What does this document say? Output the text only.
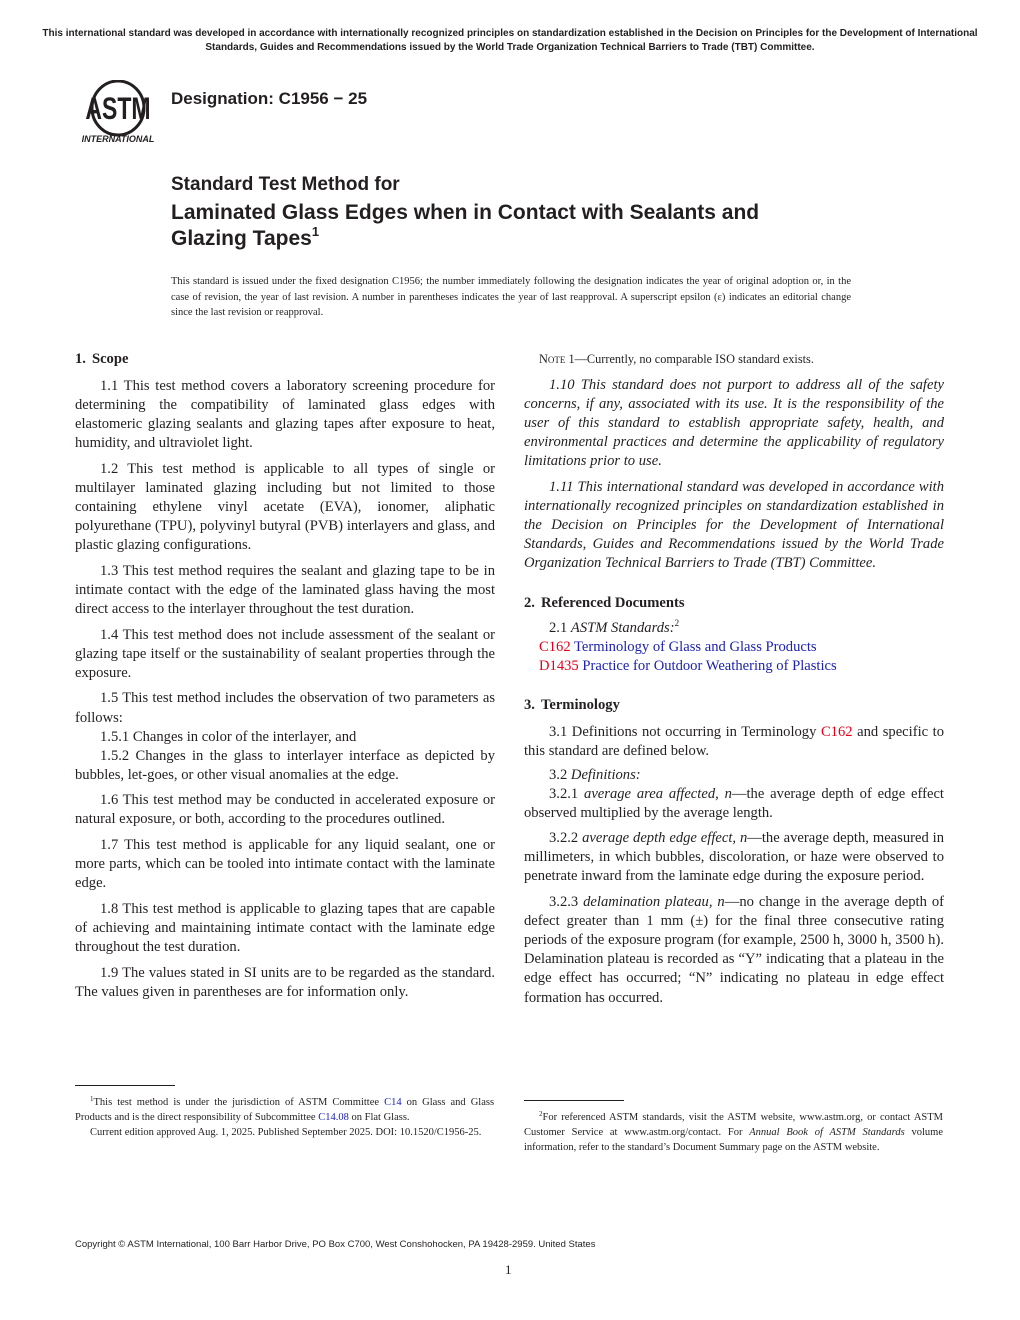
This international standard was developed in accordance with internationally recognized principles on standardization established in the Decision on Principles for the Development of International Standards, Guides and Recommendations issued by the World Trade Organization Technical Barriers to Trade (TBT) Committee.
ASTM
INTERNATIONAL
Designation: C1956 − 25
Standard Test Method for
Laminated Glass Edges when in Contact with Sealants and
Glazing Tapes$^1$
This standard is issued under the fixed designation C1956; the number immediately following the designation indicates the year of original adoption or, in the case of revision, the year of last revision. A number in parentheses indicates the year of last reapproval. A superscript epsilon (ε) indicates an editorial change since the last revision or reapproval.
1. Scope

1.1 This test method covers a laboratory screening procedure for determining the compatibility of laminated glass edges with elastomeric glazing sealants and glazing tapes after exposure to heat, humidity, and ultraviolet light.

1.2 This test method is applicable to all types of single or multilayer laminated glazing including but not limited to those containing ethylene vinyl acetate (EVA), ionomer, aliphatic polyurethane (TPU), polyvinyl butyral (PVB) interlayers and glass, and plastic glazing configurations.

1.3 This test method requires the sealant and glazing tape to be in intimate contact with the edge of the laminated glass having the most direct access to the interlayer throughout the test duration.

1.4 This test method does not include assessment of the sealant or glazing tape itself or the sustainability of sealant properties through the exposure.

1.5 This test method includes the observation of two parameters as follows:

1.5.1 Changes in color of the interlayer, and

1.5.2 Changes in the glass to interlayer interface as depicted by bubbles, let-goes, or other visual anomalies at the edge.

1.6 This test method may be conducted in accelerated exposure or natural exposure, or both, according to the procedures outlined.

1.7 This test method is applicable for any liquid sealant, one or more parts, which can be tooled into intimate contact with the laminate edge.

1.8 This test method is applicable to glazing tapes that are capable of achieving and maintaining intimate contact with the laminate edge throughout the test duration.

1.9 The values stated in SI units are to be regarded as the standard. The values given in parentheses are for information only.

Note 1—Currently, no comparable ISO standard exists.

1.10 This standard does not purport to address all of the safety concerns, if any, associated with its use. It is the responsibility of the user of this standard to establish appropriate safety, health, and environmental practices and determine the applicability of regulatory limitations prior to use.

1.11 This international standard was developed in accordance with internationally recognized principles on standardization established in the Decision on Principles for the Development of International Standards, Guides and Recommendations issued by the World Trade Organization Technical Barriers to Trade (TBT) Committee.

2. Referenced Documents

2.1 ASTM Standards:$^2$

C162 Terminology of Glass and Glass Products
D1435 Practice for Outdoor Weathering of Plastics
3. Terminology

3.1 Definitions not occurring in Terminology C162 and specific to this standard are defined below.

3.2 Definitions:

3.2.1 average area affected, n—the average depth of edge effect observed multiplied by the average length.

3.2.2 average depth edge effect, n—the average depth, measured in millimeters, in which bubbles, discoloration, or haze were observed to penetrate inward from the laminate edge during the exposure period.

3.2.3 delamination plateau, n—no change in the average depth of defect greater than 1 mm (±) for the final three consecutive rating periods of the exposure program (for example, 2500 h, 3000 h, 3500 h). Delamination plateau is recorded as “Y” indicating that a plateau in the edge effect has occurred; “N” indicating no plateau in edge effect formation has occurred.

$^1$This test method is under the jurisdiction of ASTM Committee C14 on Glass and Glass Products and is the direct responsibility of Subcommittee C14.08 on Flat Glass.

Current edition approved Aug. 1, 2025. Published September 2025. DOI: 10.1520/C1956-25.

$^2$For referenced ASTM standards, visit the ASTM website, www.astm.org, or contact ASTM Customer Service at www.astm.org/contact. For Annual Book of ASTM Standards volume information, refer to the standard’s Document Summary page on the ASTM website.

Copyright © ASTM International, 100 Barr Harbor Drive, PO Box C700, West Conshohocken, PA 19428-2959. United States
1
